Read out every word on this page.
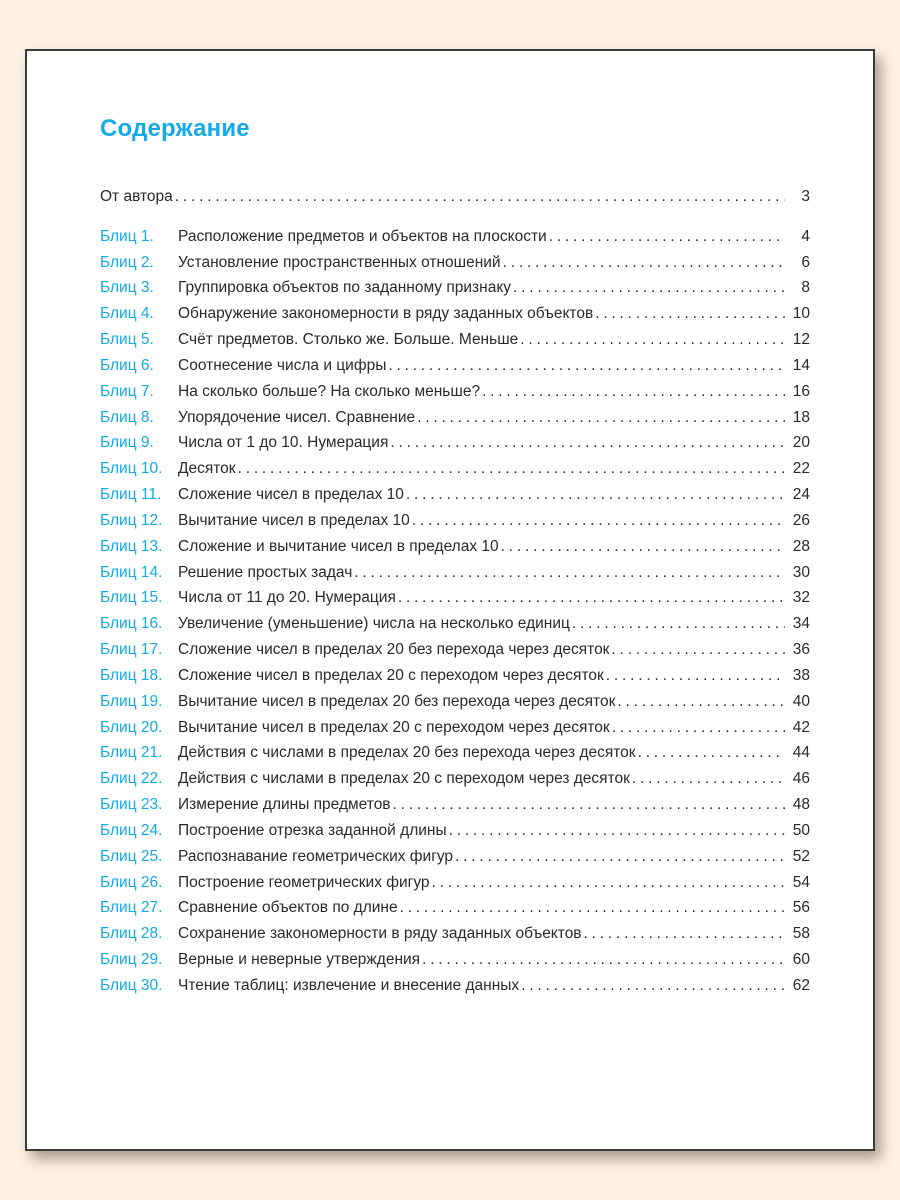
Содержание
От автора . . .	3
Блиц 1.	Расположение предметов и объектов на плоскости . . .	4
Блиц 2.	Установление пространственных отношений . . .	6
Блиц 3.	Группировка объектов по заданному признаку . . .	8
Блиц 4.	Обнаружение закономерности в ряду заданных объектов . . .	10
Блиц 5.	Счёт предметов. Столько же. Больше. Меньше . . .	12
Блиц 6.	Соотнесение числа и цифры . . .	14
Блиц 7.	На сколько больше? На сколько меньше? . . .	16
Блиц 8.	Упорядочение чисел. Сравнение . . .	18
Блиц 9.	Числа от 1 до 10. Нумерация . . .	20
Блиц 10.	Десяток . . .	22
Блиц 11.	Сложение чисел в пределах 10 . . .	24
Блиц 12.	Вычитание чисел в пределах 10 . . .	26
Блиц 13.	Сложение и вычитание чисел в пределах 10 . . .	28
Блиц 14.	Решение простых задач . . .	30
Блиц 15.	Числа от 11 до 20. Нумерация . . .	32
Блиц 16.	Увеличение (уменьшение) числа на несколько единиц . . .	34
Блиц 17.	Сложение чисел в пределах 20 без перехода через десяток . . .	36
Блиц 18.	Сложение чисел в пределах 20 с переходом через десяток . . .	38
Блиц 19.	Вычитание чисел в пределах 20 без перехода через десяток . . .	40
Блиц 20.	Вычитание чисел в пределах 20 с переходом через десяток . . .	42
Блиц 21.	Действия с числами в пределах 20 без перехода через десяток . . .	44
Блиц 22.	Действия с числами в пределах 20 с переходом через десяток . . .	46
Блиц 23.	Измерение длины предметов . . .	48
Блиц 24.	Построение отрезка заданной длины . . .	50
Блиц 25.	Распознавание геометрических фигур . . .	52
Блиц 26.	Построение геометрических фигур . . .	54
Блиц 27.	Сравнение объектов по длине . . .	56
Блиц 28.	Сохранение закономерности в ряду заданных объектов . . .	58
Блиц 29.	Верные и неверные утверждения . . .	60
Блиц 30.	Чтение таблиц: извлечение и внесение данных . . .	62
